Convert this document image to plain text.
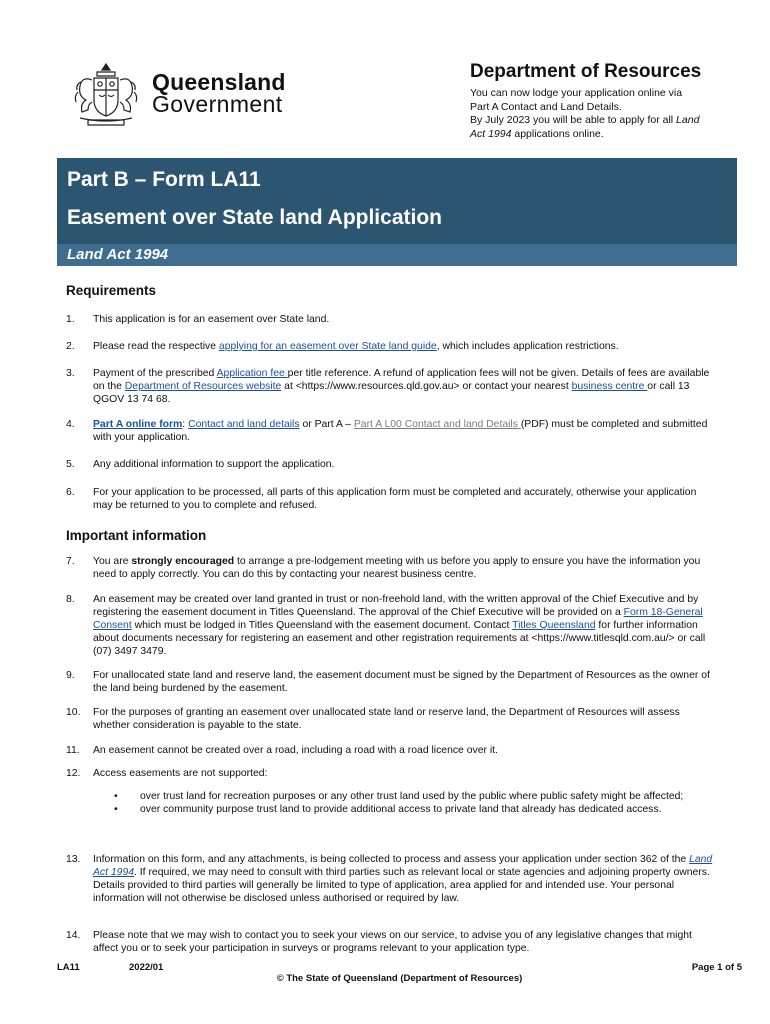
Queensland
Government
Department of Resources
You can now lodge your application online via
Part A Contact and Land Details.
By July 2023 you will be able to apply for all Land
Act 1994 applications online.
Part B – Form LA11
Easement over State land Application
Land Act 1994
Requirements
1.	This application is for an easement over State land.
2.	Please read the respective applying for an easement over State land guide, which includes application restrictions.
3.	Payment of the prescribed Application fee per title reference. A refund of application fees will not be given. Details of fees are available on the Department of Resources website at <https://www.resources.qld.gov.au> or contact your nearest business centre or call 13 QGOV 13 74 68.
4.	Part A online form: Contact and land details or Part A – Part A L00 Contact and land Details (PDF) must be completed and submitted with your application.
5.	Any additional information to support the application.
6.	For your application to be processed, all parts of this application form must be completed and accurately, otherwise your application may be returned to you to complete and refused.
Important information
7.	You are strongly encouraged to arrange a pre-lodgement meeting with us before you apply to ensure you have the information you need to apply correctly. You can do this by contacting your nearest business centre.
8.	An easement may be created over land granted in trust or non-freehold land, with the written approval of the Chief Executive and by registering the easement document in Titles Queensland. The approval of the Chief Executive will be provided on a Form 18-General Consent which must be lodged in Titles Queensland with the easement document. Contact Titles Queensland for further information about documents necessary for registering an easement and other registration requirements at <https://www.titlesqld.com.au/> or call (07) 3497 3479.
9.	For unallocated state land and reserve land, the easement document must be signed by the Department of Resources as the owner of the land being burdened by the easement.
10.	For the purposes of granting an easement over unallocated state land or reserve land, the Department of Resources will assess whether consideration is payable to the state.
11.	An easement cannot be created over a road, including a road with a road licence over it.
12.	Access easements are not supported:
• over trust land for recreation purposes or any other trust land used by the public where public safety might be affected;
• over community purpose trust land to provide additional access to private land that already has dedicated access.
13.	Information on this form, and any attachments, is being collected to process and assess your application under section 362 of the Land Act 1994. If required, we may need to consult with third parties such as relevant local or state agencies and adjoining property owners. Details provided to third parties will generally be limited to type of application, area applied for and intended use. Your personal information will not otherwise be disclosed unless authorised or required by law.
14.	Please note that we may wish to contact you to seek your views on our service, to advise you of any legislative changes that might affect you or to seek your participation in surveys or programs relevant to your application type.
LA11	2022/01	Page 1 of 5
© The State of Queensland (Department of Resources)
